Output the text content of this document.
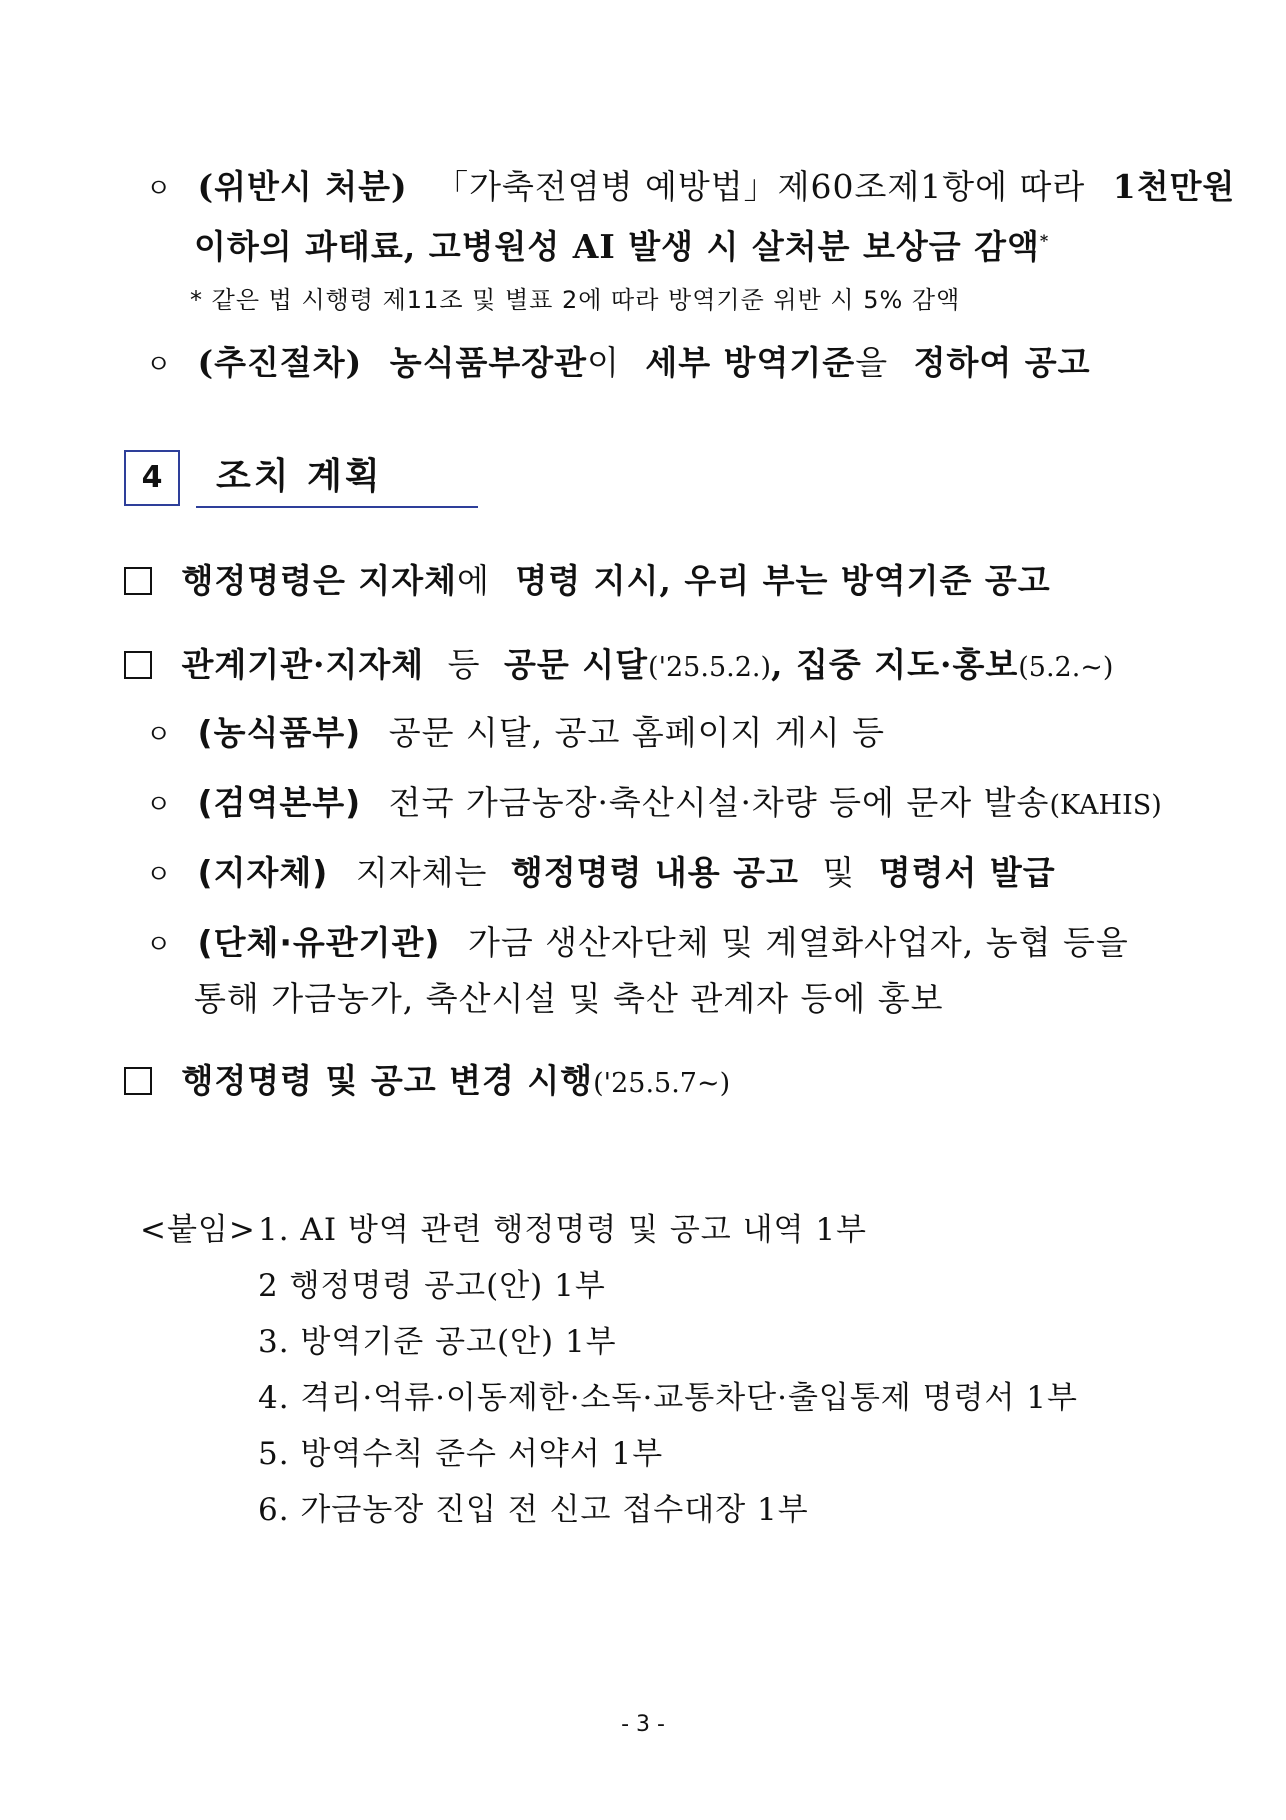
ㅇ (위반시 처분) 「가축전염병 예방법」제60조제1항에 따라 1천만원
이하의 과태료, 고병원성 AI 발생 시 살처분 보상금 감액*
* 같은 법 시행령 제11조 및 별표 2에 따라 방역기준 위반 시 5% 감액
ㅇ (추진절차) 농식품부장관이 세부 방역기준을 정하여 공고
4	조치 계획
행정명령은 지자체에 명령 지시, 우리 부는 방역기준 공고
관계기관·지자체 등 공문 시달('25.5.2.), 집중 지도·홍보(5.2.~)
ㅇ (농식품부) 공문 시달, 공고 홈페이지 게시 등
ㅇ (검역본부) 전국 가금농장·축산시설·차량 등에 문자 발송(KAHIS)
ㅇ (지자체) 지자체는 행정명령 내용 공고 및 명령서 발급
ㅇ (단체·유관기관) 가금 생산자단체 및 계열화사업자, 농협 등을
통해 가금농가, 축산시설 및 축산 관계자 등에 홍보
행정명령 및 공고 변경 시행('25.5.7~)
<붙임> 1. AI 방역 관련 행정명령 및 공고 내역 1부
2 행정명령 공고(안) 1부
3. 방역기준 공고(안) 1부
4. 격리·억류·이동제한·소독·교통차단·출입통제 명령서 1부
5. 방역수칙 준수 서약서 1부
6. 가금농장 진입 전 신고 접수대장 1부
- 3 -
